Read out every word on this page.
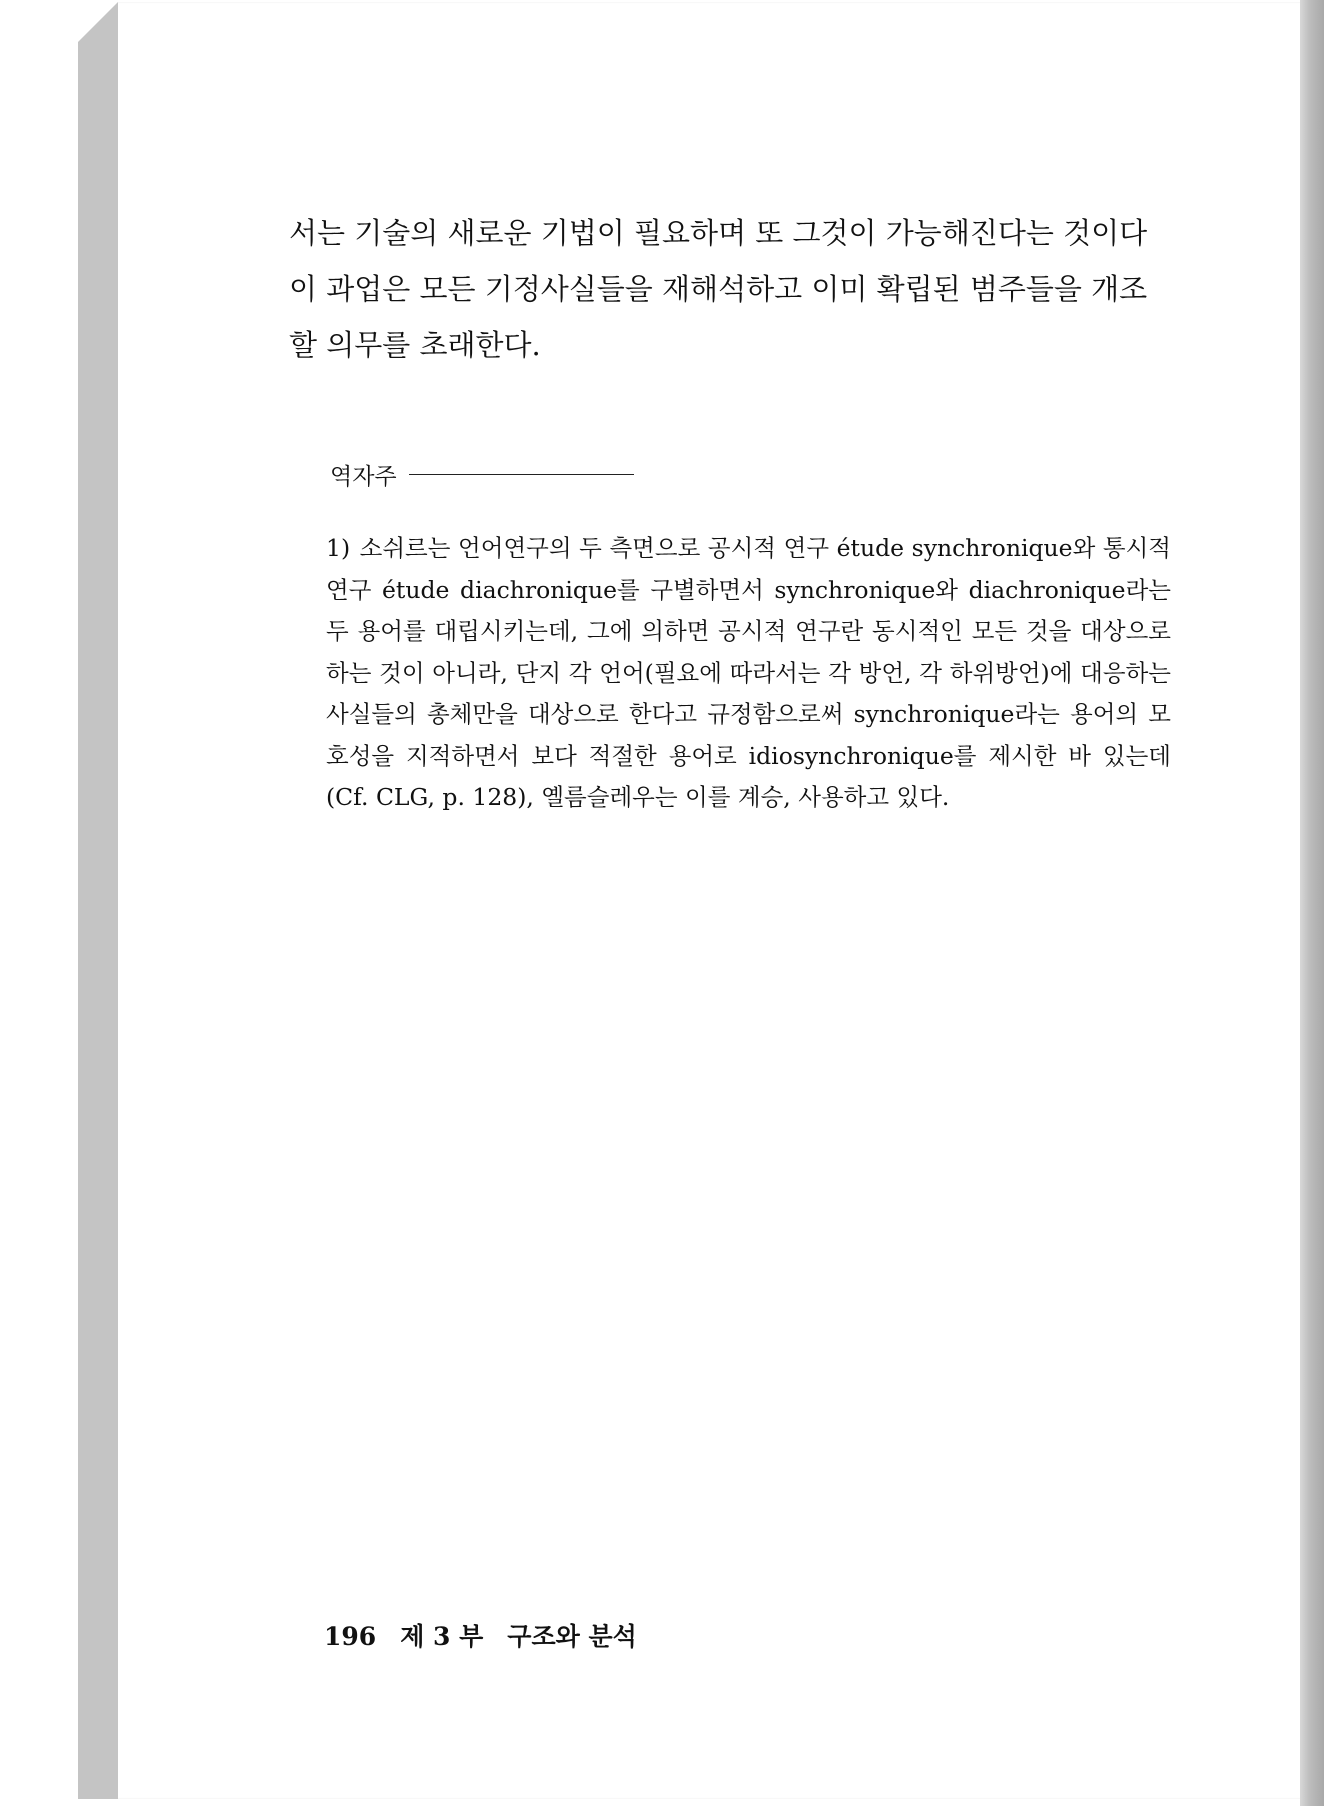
서는 기술의 새로운 기법이 필요하며 또 그것이 가능해진다는 것이다 이 과업은 모든 기정사실들을 재해석하고 이미 확립된 범주들을 개조할 의무를 초래한다.

역자주
1) 소쉬르는 언어연구의 두 측면으로 공시적 연구 étude synchronique와 통시적 연구 étude diachronique를 구별하면서 synchronique와 diachronique라는 두 용어를 대립시키는데, 그에 의하면 공시적 연구란 동시적인 모든 것을 대상으로 하는 것이 아니라, 단지 각 언어(필요에 따라서는 각 방언, 각 하위방언)에 대응하는 사실들의 총체만을 대상으로 한다고 규정함으로써 synchronique라는 용어의 모호성을 지적하면서 보다 적절한 용어로 idiosynchronique를 제시한 바 있는데(Cf. CLG, p. 128), 옐름슬레우는 이를 계승, 사용하고 있다.
196 제 3 부 구조와 분석
